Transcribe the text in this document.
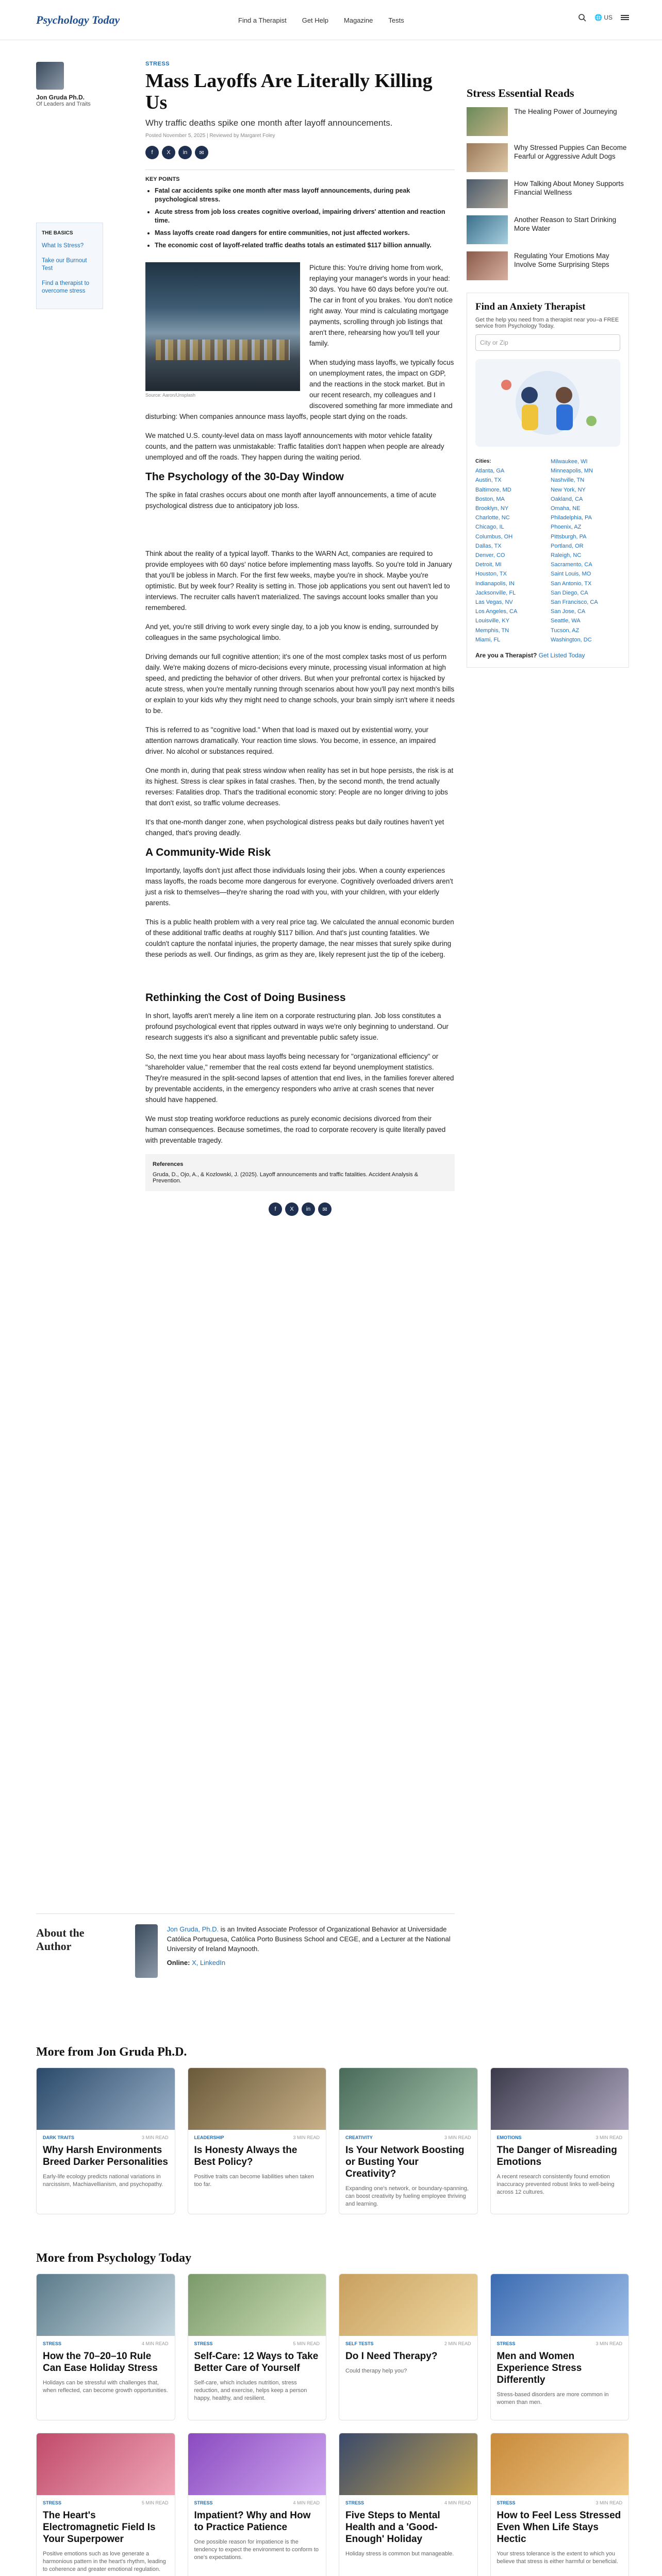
Psychology Today	Find a Therapist Get Help Magazine Tests	🌐 US
Jon Gruda Ph.D.
Of Leaders and Traits
THE BASICS
What Is Stress?
Take our Burnout Test
Find a therapist to overcome stress
STRESS
Mass Layoffs Are Literally Killing Us
Why traffic deaths spike one month after layoff announcements.
Posted November 5, 2025 | Reviewed by Margaret Foley
f	X	in	✉
KEY POINTS
• Fatal car accidents spike one month after mass layoff announcements, during peak psychological stress.
• Acute stress from job loss creates cognitive overload, impairing drivers' attention and reaction time.
• Mass layoffs create road dangers for entire communities, not just affected workers.
• The economic cost of layoff-related traffic deaths totals an estimated $117 billion annually.
Source: Aaron/Unsplash

Picture this: You're driving home from work, replaying your manager's words in your head: 30 days. You have 60 days before you're out. The car in front of you brakes. You don't notice right away. Your mind is calculating mortgage payments, scrolling through job listings that aren't there, rehearsing how you'll tell your family.

When studying mass layoffs, we typically focus on unemployment rates, the impact on GDP, and the reactions in the stock market. But in our recent research, my colleagues and I discovered something far more immediate and disturbing: When companies announce mass layoffs, people start dying on the roads.

We matched U.S. county-level data on mass layoff announcements with motor vehicle fatality counts, and the pattern was unmistakable: Traffic fatalities don't happen when people are already unemployed and off the roads. They happen during the waiting period.

The Psychology of the 30-Day Window

The spike in fatal crashes occurs about one month after layoff announcements, a time of acute psychological distress due to anticipatory job loss.

Think about the reality of a typical layoff. Thanks to the WARN Act, companies are required to provide employees with 60 days' notice before implementing mass layoffs. So you're told in January that you'll be jobless in March. For the first few weeks, maybe you're in shock. Maybe you're optimistic. But by week four? Reality is setting in. Those job applications you sent out haven't led to interviews. The recruiter calls haven't materialized. The savings account looks smaller than you remembered.

And yet, you're still driving to work every single day, to a job you know is ending, surrounded by colleagues in the same psychological limbo.

Driving demands our full cognitive attention; it's one of the most complex tasks most of us perform daily. We're making dozens of micro-decisions every minute, processing visual information at high speed, and predicting the behavior of other drivers. But when your prefrontal cortex is hijacked by acute stress, when you're mentally running through scenarios about how you'll pay next month's bills or explain to your kids why they might need to change schools, your brain simply isn't where it needs to be.

This is referred to as "cognitive load." When that load is maxed out by existential worry, your attention narrows dramatically. Your reaction time slows. You become, in essence, an impaired driver. No alcohol or substances required.

One month in, during that peak stress window when reality has set in but hope persists, the risk is at its highest. Stress is clear spikes in fatal crashes. Then, by the second month, the trend actually reverses: Fatalities drop. That's the traditional economic story: People are no longer driving to jobs that don't exist, so traffic volume decreases.

It's that one-month danger zone, when psychological distress peaks but daily routines haven't yet changed, that's proving deadly.

A Community-Wide Risk

Importantly, layoffs don't just affect those individuals losing their jobs. When a county experiences mass layoffs, the roads become more dangerous for everyone. Cognitively overloaded drivers aren't just a risk to themselves—they're sharing the road with you, with your children, with your elderly parents.

This is a public health problem with a very real price tag. We calculated the annual economic burden of these additional traffic deaths at roughly $117 billion. And that's just counting fatalities. We couldn't capture the nonfatal injuries, the property damage, the near misses that surely spike during these periods as well. Our findings, as grim as they are, likely represent just the tip of the iceberg.

Rethinking the Cost of Doing Business

In short, layoffs aren't merely a line item on a corporate restructuring plan. Job loss constitutes a profound psychological event that ripples outward in ways we're only beginning to understand. Our research suggests it's also a significant and preventable public safety issue.

So, the next time you hear about mass layoffs being necessary for "organizational efficiency" or "shareholder value," remember that the real costs extend far beyond unemployment statistics. They're measured in the split-second lapses of attention that end lives, in the families forever altered by preventable accidents, in the emergency responders who arrive at crash scenes that never should have happened.

We must stop treating workforce reductions as purely economic decisions divorced from their human consequences. Because sometimes, the road to corporate recovery is quite literally paved with preventable tragedy.

References
Gruda, D., Ojo, A., & Kozlowski, J. (2025). Layoff announcements and traffic fatalities. Accident Analysis & Prevention.
f	X	in	✉
Stress Essential Reads
The Healing Power of Journeying
Why Stressed Puppies Can Become Fearful or Aggressive Adult Dogs
How Talking About Money Supports Financial Wellness
Another Reason to Start Drinking More Water
Regulating Your Emotions May Involve Some Surprising Steps
Find an Anxiety Therapist
Get the help you need from a therapist near you–a FREE service from Psychology Today.
City or Zip
Cities:
Atlanta, GA
Austin, TX
Baltimore, MD
Boston, MA
Brooklyn, NY
Charlotte, NC
Chicago, IL
Columbus, OH
Dallas, TX
Denver, CO
Detroit, MI
Houston, TX
Indianapolis, IN
Jacksonville, FL
Las Vegas, NV
Los Angeles, CA
Louisville, KY
Memphis, TN
Miami, FL
Milwaukee, WI
Minneapolis, MN
Nashville, TN
New York, NY
Oakland, CA
Omaha, NE
Philadelphia, PA
Phoenix, AZ
Pittsburgh, PA
Portland, OR
Raleigh, NC
Sacramento, CA
Saint Louis, MO
San Antonio, TX
San Diego, CA
San Francisco, CA
San Jose, CA
Seattle, WA
Tucson, AZ
Washington, DC
Are you a Therapist? Get Listed Today
About the Author
Jon Gruda, Ph.D. is an Invited Associate Professor of Organizational Behavior at Universidade Católica Portuguesa, Católica Porto Business School and CEGE, and a Lecturer at the National University of Ireland Maynooth.
Online: X, LinkedIn
More from Jon Gruda Ph.D.
DARK TRAITS	3 MIN READ
Why Harsh Environments Breed Darker Personalities
Early-life ecology predicts national variations in narcissism, Machiavellianism, and psychopathy.
LEADERSHIP	3 MIN READ
Is Honesty Always the Best Policy?
Positive traits can become liabilities when taken too far.
CREATIVITY	3 MIN READ
Is Your Network Boosting or Busting Your Creativity?
Expanding one's network, or boundary-spanning, can boost creativity by fueling employee thriving and learning.
EMOTIONS	3 MIN READ
The Danger of Misreading Emotions
A recent research consistently found emotion inaccuracy prevented robust links to well-being across 12 cultures.
More from Psychology Today
STRESS	4 MIN READ
How the 70–20–10 Rule Can Ease Holiday Stress
Holidays can be stressful with challenges that, when reflected, can become growth opportunities.
STRESS	5 MIN READ
Self-Care: 12 Ways to Take Better Care of Yourself
Self-care, which includes nutrition, stress reduction, and exercise, helps keep a person happy, healthy, and resilient.
SELF TESTS	2 MIN READ
Do I Need Therapy?
Could therapy help you?
STRESS	3 MIN READ
Men and Women Experience Stress Differently
Stress-based disorders are more common in women than men.
STRESS	5 MIN READ
The Heart's Electromagnetic Field Is Your Superpower
Positive emotions such as love generate a harmonious pattern in the heart's rhythm, leading to coherence and greater emotional regulation.
STRESS	4 MIN READ
Impatient? Why and How to Practice Patience
One possible reason for impatience is the tendency to expect the environment to conform to one's expectations.
STRESS	4 MIN READ
Five Steps to Mental Health and a 'Good-Enough' Holiday
Holiday stress is common but manageable.
STRESS	3 MIN READ
How to Feel Less Stressed Even When Life Stays Hectic
Your stress tolerance is the extent to which you believe that stress is either harmful or beneficial.
